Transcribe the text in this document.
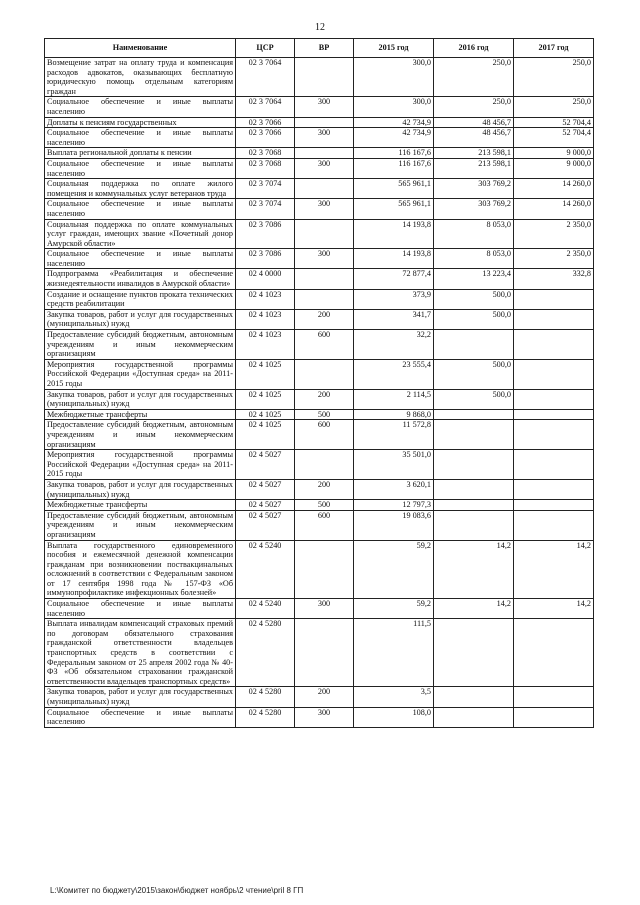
12
Наименование	ЦСР	ВР	2015 год	2016 год	2017 год
Возмещение затрат на оплату труда и компенсация расходов адвокатов, оказывающих бесплатную юридическую помощь отдельным категориям граждан	02 3 7064		300,0	250,0	250,0
Социальное обеспечение и иные выплаты населению	02 3 7064	300	300,0	250,0	250,0
Доплаты к пенсиям государственных	02 3 7066		42 734,9	48 456,7	52 704,4
Социальное обеспечение и иные выплаты населению	02 3 7066	300	42 734,9	48 456,7	52 704,4
Выплата региональной доплаты к пенсии	02 3 7068		116 167,6	213 598,1	9 000,0
Социальное обеспечение и иные выплаты населению	02 3 7068	300	116 167,6	213 598,1	9 000,0
Социальная поддержка по оплате жилого помещения и коммунальных услуг ветеранов труда	02 3 7074		565 961,1	303 769,2	14 260,0
Социальное обеспечение и иные выплаты населению	02 3 7074	300	565 961,1	303 769,2	14 260,0
Социальная поддержка по оплате коммунальных услуг граждан, имеющих звание «Почетный донор Амурской области»	02 3 7086		14 193,8	8 053,0	2 350,0
Социальное обеспечение и иные выплаты населению	02 3 7086	300	14 193,8	8 053,0	2 350,0
Подпрограмма «Реабилитация и обеспечение жизнедеятельности инвалидов в Амурской области»	02 4 0000		72 877,4	13 223,4	332,8
Создание и оснащение пунктов проката технических средств реабилитации	02 4 1023		373,9	500,0	
Закупка товаров, работ и услуг для государственных (муниципальных) нужд	02 4 1023	200	341,7	500,0	
Предоставление субсидий бюджетным, автономным учреждениям и иным некоммерческим организациям	02 4 1023	600	32,2		
Мероприятия государственной программы Российской Федерации «Доступная среда» на 2011-2015 годы	02 4 1025		23 555,4	500,0	
Закупка товаров, работ и услуг для государственных (муниципальных) нужд	02 4 1025	200	2 114,5	500,0	
Межбюджетные трансферты	02 4 1025	500	9 868,0		
Предоставление субсидий бюджетным, автономным учреждениям и иным некоммерческим организациям	02 4 1025	600	11 572,8		
Мероприятия государственной программы Российской Федерации «Доступная среда» на 2011-2015 годы	02 4 5027		35 501,0		
Закупка товаров, работ и услуг для государственных (муниципальных) нужд	02 4 5027	200	3 620,1		
Межбюджетные трансферты	02 4 5027	500	12 797,3		
Предоставление субсидий бюджетным, автономным учреждениям и иным некоммерческим организациям	02 4 5027	600	19 083,6		
Выплата государственного единовременного пособия и ежемесячной денежной компенсации гражданам при возникновении поствакцинальных осложнений в соответствии с Федеральным законом от 17 сентября 1998 года № 157-ФЗ «Об иммунопрофилактике инфекционных болезней»	02 4 5240		59,2	14,2	14,2
Социальное обеспечение и иные выплаты населению	02 4 5240	300	59,2	14,2	14,2
Выплата инвалидам компенсаций страховых премий по договорам обязательного страхования гражданской ответственности владельцев транспортных средств в соответствии с Федеральным законом от 25 апреля 2002 года № 40-ФЗ «Об обязательном страховании гражданской ответственности владельцев транспортных средств»	02 4 5280		111,5		
Закупка товаров, работ и услуг для государственных (муниципальных) нужд	02 4 5280	200	3,5		
Социальное обеспечение и иные выплаты населению	02 4 5280	300	108,0		
L:\Комитет по бюджету\2015\закон\бюджет ноябрь\2 чтение\pril 8 ГП
